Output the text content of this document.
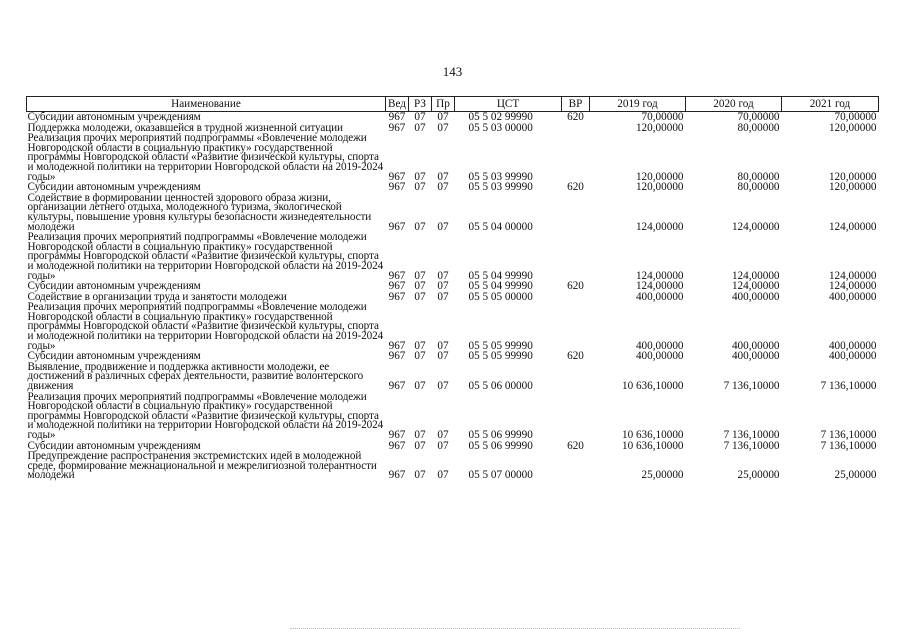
143
Наименование	Вед	РЗ	Пр	ЦСТ	ВР	2019 год	2020 год	2021 год
Субсидии автономным учреждениям	967	07	07	05 5 02 99990	620	70,00000	70,00000	70,00000
Поддержка молодежи, оказавшейся в трудной жизненной ситуации	967	07	07	05 5 03 00000		120,00000	80,00000	120,00000
Реализация прочих мероприятий подпрограммы «Вовлечение молодежи Новгородской области в социальную практику» государственной программы Новгородской области «Развитие физической культуры, спорта и молодежной политики на территории Новгородской области на 2019-2024 годы»	967	07	07	05 5 03 99990		120,00000	80,00000	120,00000
Субсидии автономным учреждениям	967	07	07	05 5 03 99990	620	120,00000	80,00000	120,00000
Содействие в формировании ценностей здорового образа жизни, организации летнего отдыха, молодежного туризма, экологической культуры, повышение уровня культуры безопасности жизнедеятельности молодежи	967	07	07	05 5 04 00000		124,00000	124,00000	124,00000
Реализация прочих мероприятий подпрограммы «Вовлечение молодежи Новгородской области в социальную практику» государственной программы Новгородской области «Развитие физической культуры, спорта и молодежной политики на территории Новгородской области на 2019-2024 годы»	967	07	07	05 5 04 99990		124,00000	124,00000	124,00000
Субсидии автономным учреждениям	967	07	07	05 5 04 99990	620	124,00000	124,00000	124,00000
Содействие в организации труда и занятости молодежи	967	07	07	05 5 05 00000		400,00000	400,00000	400,00000
Реализация прочих мероприятий подпрограммы «Вовлечение молодежи Новгородской области в социальную практику» государственной программы Новгородской области «Развитие физической культуры, спорта и молодежной политики на территории Новгородской области на 2019-2024 годы»	967	07	07	05 5 05 99990		400,00000	400,00000	400,00000
Субсидии автономным учреждениям	967	07	07	05 5 05 99990	620	400,00000	400,00000	400,00000
Выявление, продвижение и поддержка активности молодежи, ее достижений в различных сферах деятельности, развитие волонтерского движения	967	07	07	05 5 06 00000		10 636,10000	7 136,10000	7 136,10000
Реализация прочих мероприятий подпрограммы «Вовлечение молодежи Новгородской области в социальную практику» государственной программы Новгородской области «Развитие физической культуры, спорта и молодежной политики на территории Новгородской области на 2019-2024 годы»	967	07	07	05 5 06 99990		10 636,10000	7 136,10000	7 136,10000
Субсидии автономным учреждениям	967	07	07	05 5 06 99990	620	10 636,10000	7 136,10000	7 136,10000
Предупреждение распространения экстремистских идей в молодежной среде, формирование межнациональной и межрелигиозной толерантности молодежи	967	07	07	05 5 07 00000		25,00000	25,00000	25,00000
